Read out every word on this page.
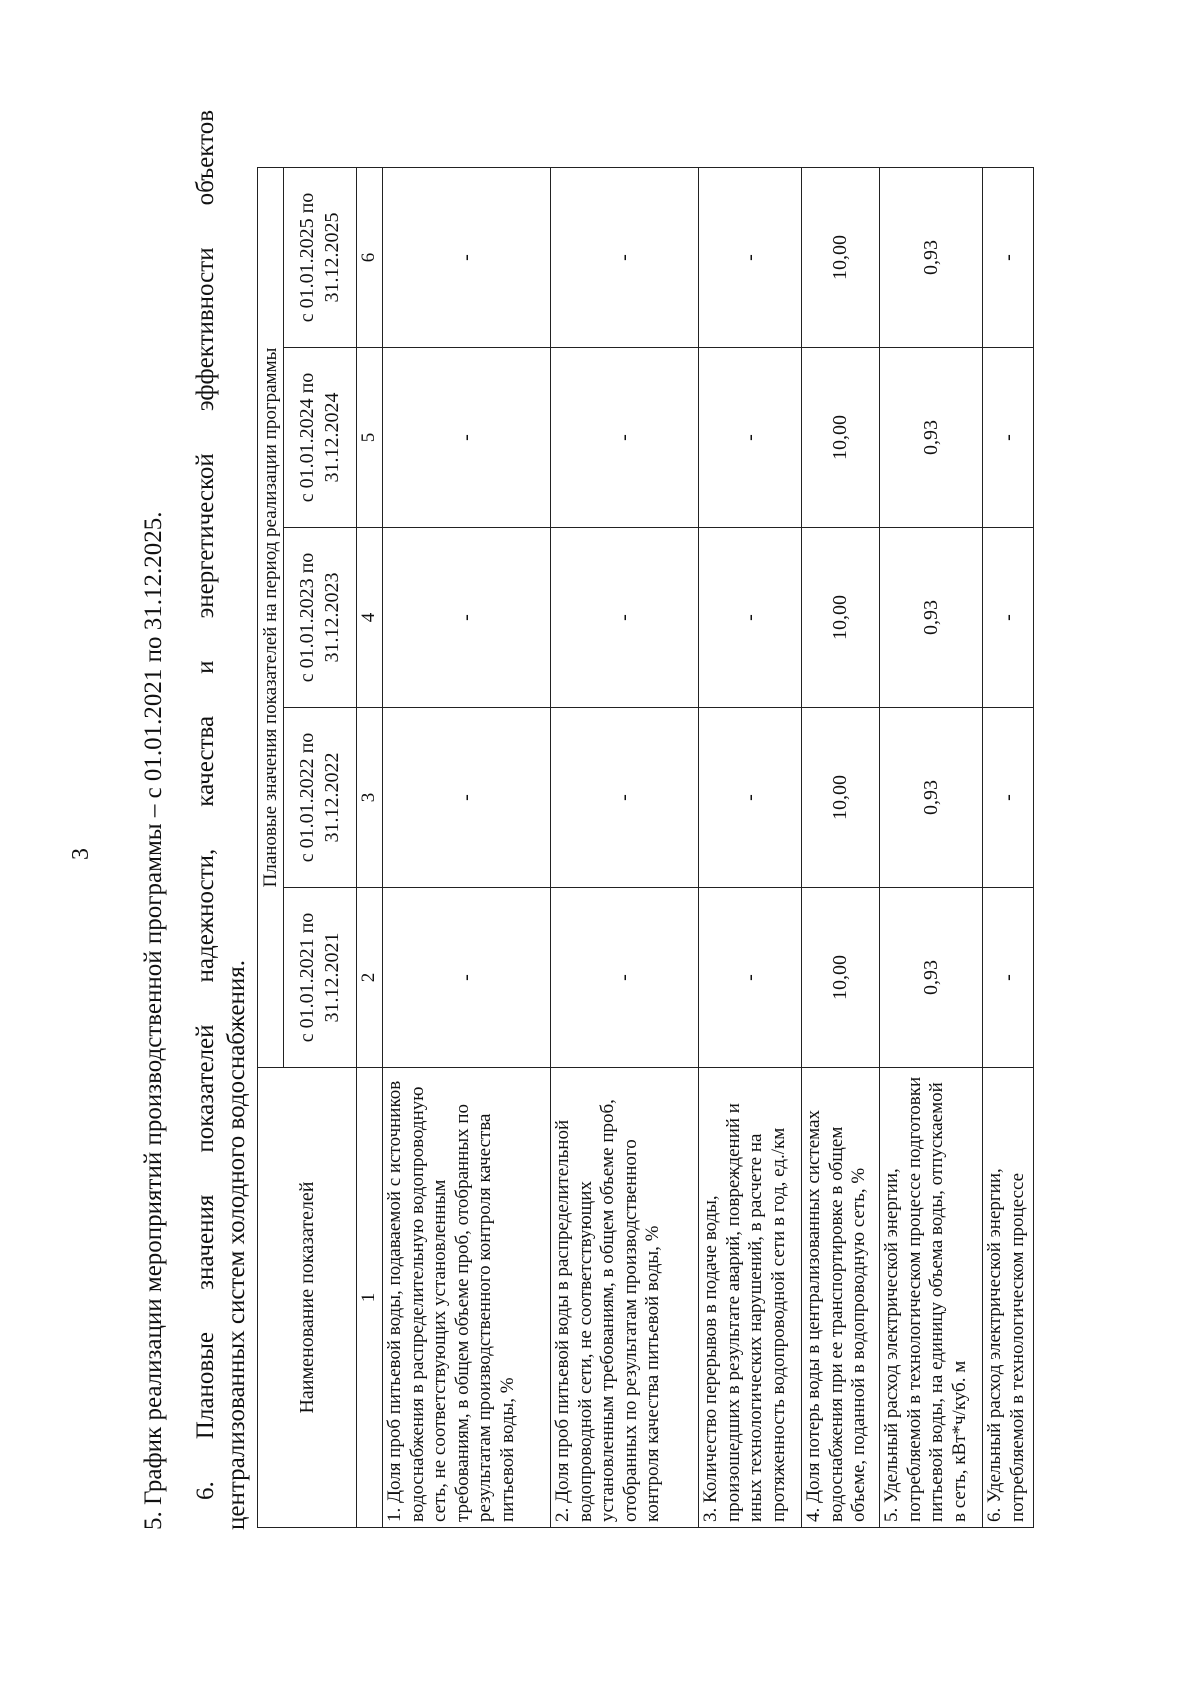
3 5. График реализации мероприятий производственной программы – с 01.01.2021 по 31.12.2025. 6.
Плановые
значения
показателей
надежности,
качества
и
энергетической
эффективности
объектов
централизованных систем холодного водоснабжения. Наименование показателей	Плановые значения показателей на период реализации программы				
	с 01.01.2021 по 31.12.2021	с 01.01.2022 по 31.12.2022	с 01.01.2023 по 31.12.2023	с 01.01.2024 по 31.12.2024	с 01.01.2025 по 31.12.2025
1	2	3	4	5	6
1. Доля проб питьевой воды, подаваемой с источников водоснабжения в распределительную водопроводную сеть, не соответствующих установленным требованиям, в общем объеме проб, отобранных по результатам производственного контроля качества питьевой воды, %	-	-	-	-	-
2. Доля проб питьевой воды в распределительной водопроводной сети, не соответствующих установленным требованиям, в общем объеме проб, отобранных по результатам производственного контроля качества питьевой воды, %	-	-	-	-	-
3. Количество перерывов в подаче воды, произошедших в результате аварий, повреждений и иных технологических нарушений, в расчете на протяженность водопроводной сети в год, ед./км	-	-	-	-	-
4. Доля потерь воды в централизованных системах водоснабжения при ее транспортировке в общем объеме, поданной в водопроводную сеть, %	10,00	10,00	10,00	10,00	10,00
5. Удельный расход электрической энергии, потребляемой в технологическом процессе подготовки питьевой воды, на единицу объема воды, отпускаемой в сеть, кВт*ч/куб. м	0,93	0,93	0,93	0,93	0,93
6. Удельный расход электрической энергии, потребляемой в технологическом процессе	-	-	-	-	-
